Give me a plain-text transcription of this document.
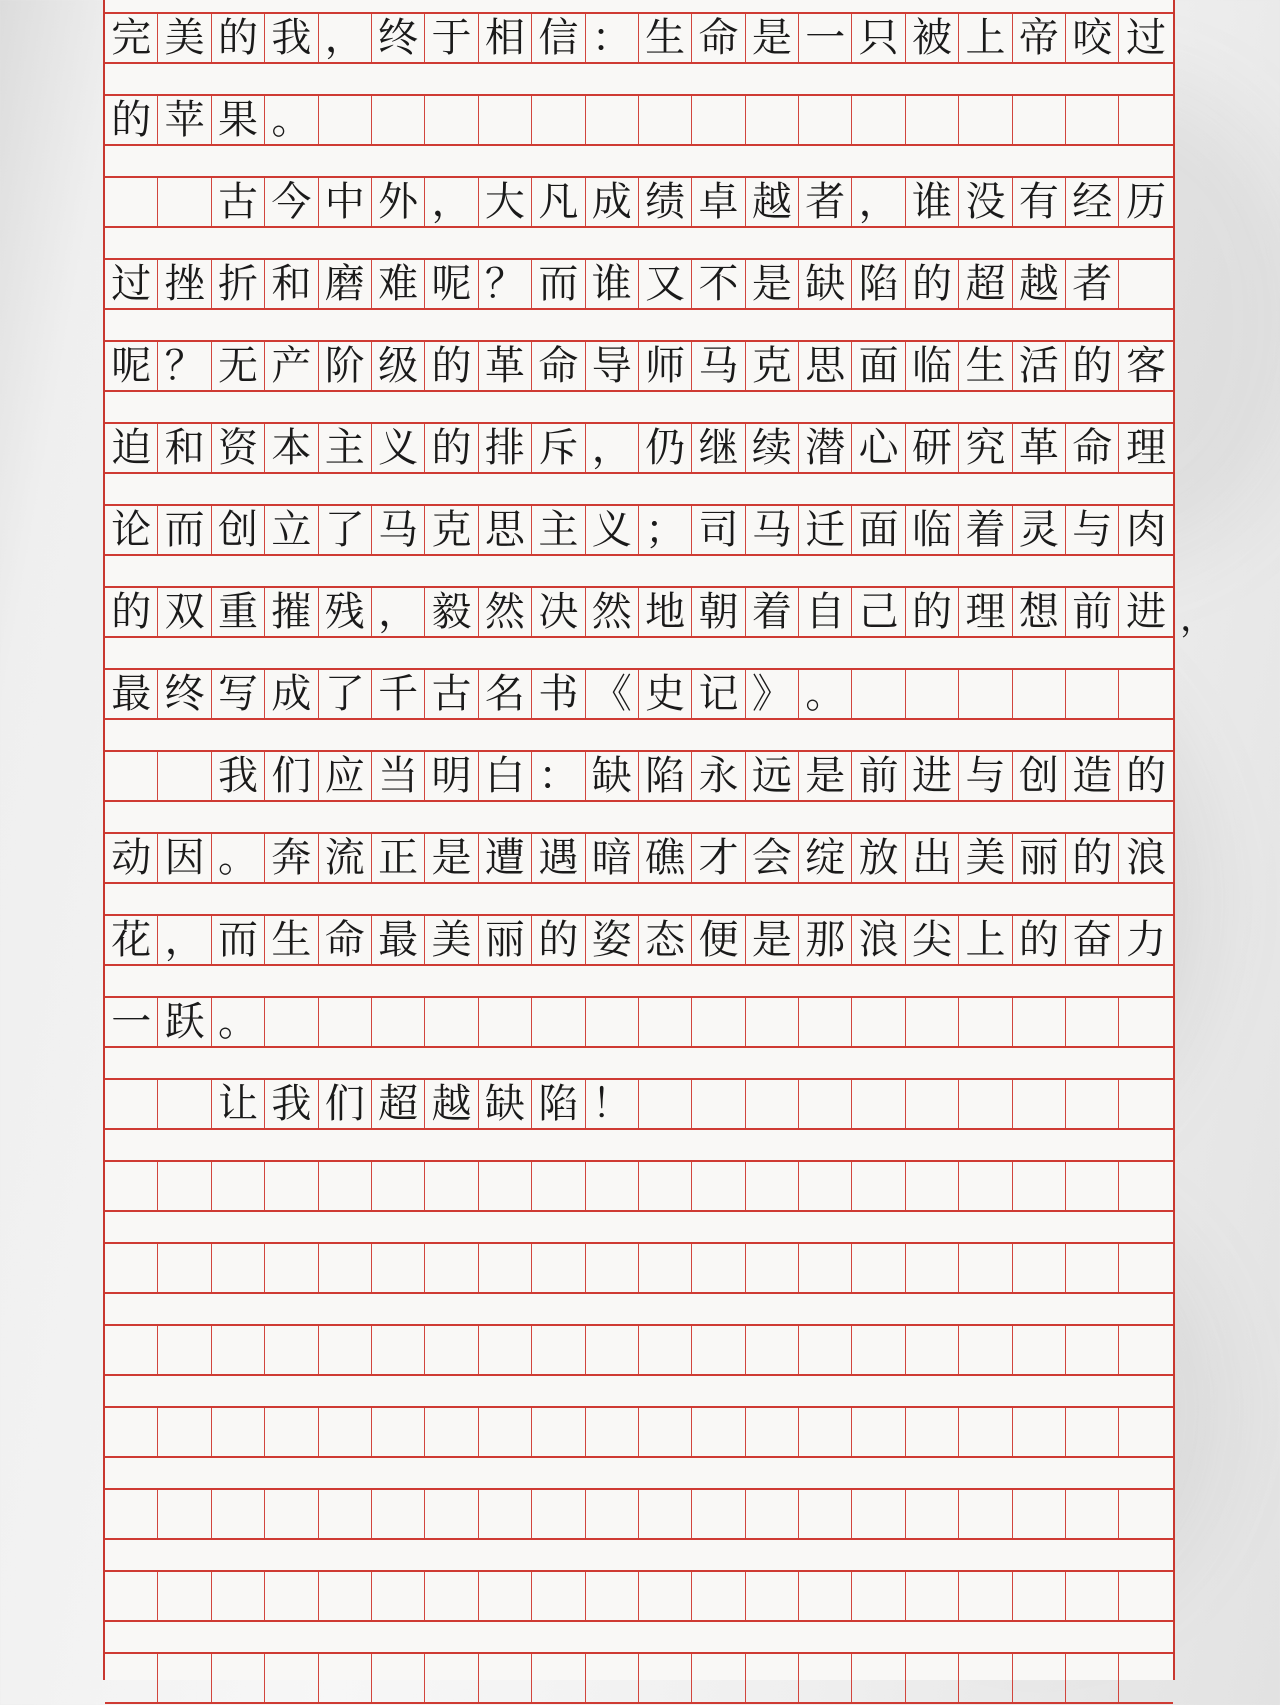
完 美 的 我 ， 终 于 相 信 ： 生 命 是 一 只 被 上 帝 咬 过
的 苹 果 。

古 今 中 外 ， 大 凡 成 绩 卓 越 者 ， 谁 没 有 经 历
过 挫 折 和 磨 难 呢 ？ 而 谁 又 不 是 缺 陷 的 超 越 者
呢 ？ 无 产 阶 级 的 革 命 导 师 马 克 思 面 临 生 活 的 客
迫 和 资 本 主 义 的 排 斥 ， 仍 继 续 潜 心 研 究 革 命 理
论 而 创 立 了 马 克 思 主 义 ； 司 马 迁 面 临 着 灵 与 肉
的 双 重 摧 残 ， 毅 然 决 然 地 朝 着 自 己 的 理 想 前 进
最 终 写 成 了 千 古 名 书 《 史 记 》 。

我 们 应 当 明 白 ： 缺 陷 永 远 是 前 进 与 创 造 的
动 因 。 奔 流 正 是 遭 遇 暗 礁 才 会 绽 放 出 美 丽 的 浪
花 ， 而 生 命 最 美 丽 的 姿 态 便 是 那 浪 尖 上 的 奋 力
一 跃 。

让 我 们 超 越 缺 陷 ！
，
